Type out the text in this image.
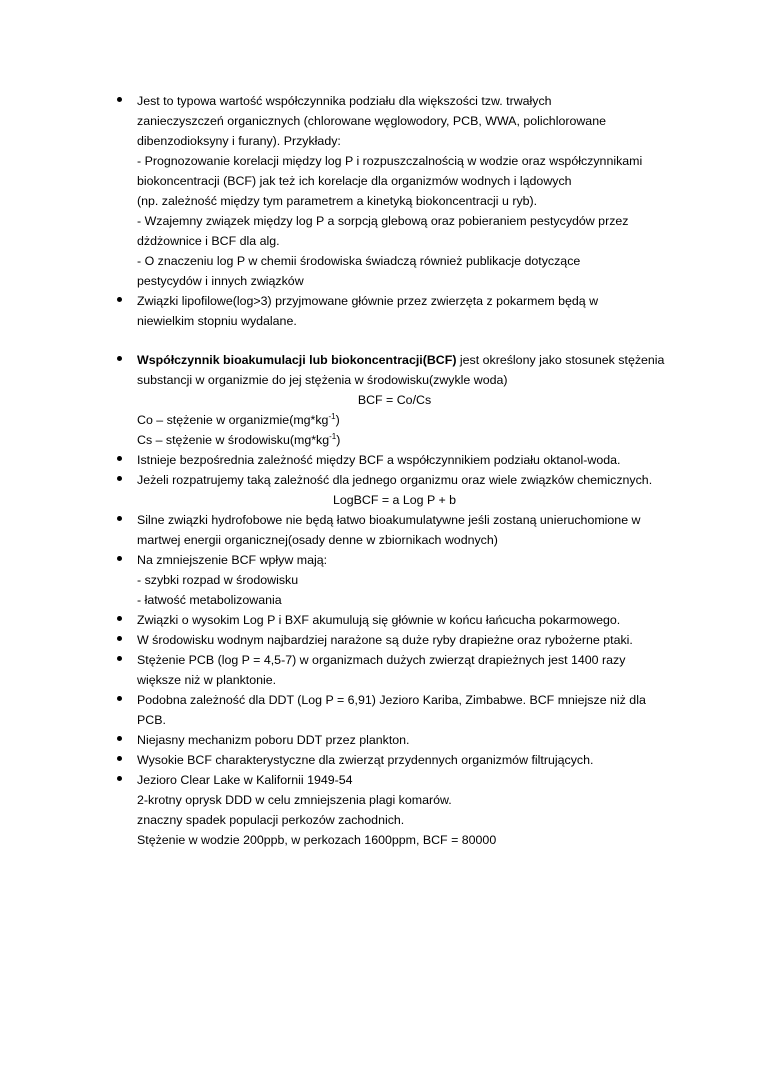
Jest to typowa wartość współczynnika podziału dla większości tzw. trwałych
zanieczyszczeń organicznych (chlorowane węglowodory, PCB, WWA, polichlorowane
dibenzodioksyny i furany). Przykłady:
- Prognozowanie korelacji między log P i rozpuszczalnością w wodzie oraz współczynnikami
biokoncentracji (BCF) jak też ich korelacje dla organizmów wodnych i lądowych
(np. zależność między tym parametrem a kinetyką biokoncentracji u ryb).
- Wzajemny związek między log P a sorpcją glebową oraz pobieraniem pestycydów przez
dżdżownice i BCF dla alg.
- O znaczeniu log P w chemii środowiska świadczą również publikacje dotyczące
pestycydów i innych związków
Związki lipofilowe(log>3) przyjmowane głównie przez zwierzęta z pokarmem będą w
niewielkim stopniu wydalane.
Współczynnik bioakumulacji lub biokoncentracji(BCF) jest określony jako stosunek stężenia
substancji w organizmie do jej stężenia w środowisku(zwykle woda)
BCF = Co/Cs
Co – stężenie w $organizmie(mg*kg^{-1})$
Cs – stężenie w $środowisku(mg*kg^{-1})$
Istnieje bezpośrednia zależność między BCF a współczynnikiem podziału oktanol-woda.
Jeżeli rozpatrujemy taką zależność dla jednego organizmu oraz wiele związków chemicznych.
LogBCF = a Log P + b
Silne związki hydrofobowe nie będą łatwo bioakumulatywne jeśli zostaną unieruchomione w
martwej energii organicznej(osady denne w zbiornikach wodnych)
Na zmniejszenie BCF wpływ mają:
- szybki rozpad w środowisku
- łatwość metabolizowania
Związki o wysokim Log P i BXF akumulują się głównie w końcu łańcucha pokarmowego.
W środowisku wodnym najbardziej narażone są duże ryby drapieżne oraz rybożerne ptaki.
Stężenie PCB (log P = 4,5-7) w organizmach dużych zwierząt drapieżnych jest 1400 razy
większe niż w planktonie.
Podobna zależność dla DDT (Log P = 6,91) Jezioro Kariba, Zimbabwe. BCF mniejsze niż dla
PCB.
Niejasny mechanizm poboru DDT przez plankton.
Wysokie BCF charakterystyczne dla zwierząt przydennych organizmów filtrujących.
Jezioro Clear Lake w Kalifornii 1949-54
2-krotny oprysk DDD w celu zmniejszenia plagi komarów.
znaczny spadek populacji perkozów zachodnich.
Stężenie w wodzie 200ppb, w perkozach 1600ppm, BCF = 80000
